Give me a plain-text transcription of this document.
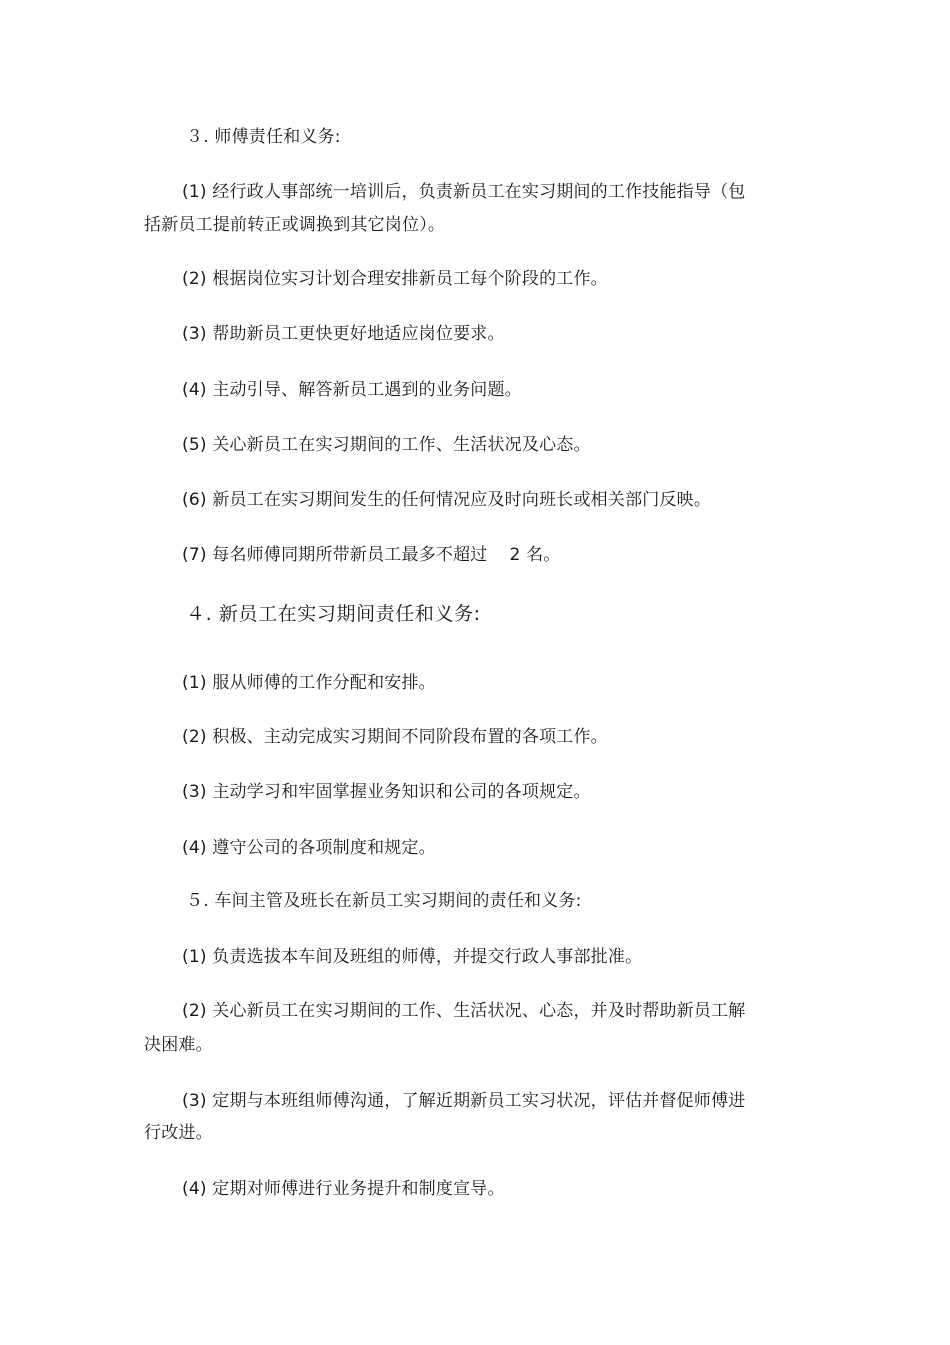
３. 师傅责任和义务:
(1) 经行政人事部统一培训后，负责新员工在实习期间的工作技能指导（包
括新员工提前转正或调换到其它岗位）。
(2) 根据岗位实习计划合理安排新员工每个阶段的工作。
(3) 帮助新员工更快更好地适应岗位要求。
(4) 主动引导、解答新员工遇到的业务问题。
(5) 关心新员工在实习期间的工作、生活状况及心态。
(6) 新员工在实习期间发生的任何情况应及时向班长或相关部门反映。
(7) 每名师傅同期所带新员工最多不超过 2 名。
４. 新员工在实习期间责任和义务:
(1) 服从师傅的工作分配和安排。
(2) 积极、主动完成实习期间不同阶段布置的各项工作。
(3) 主动学习和牢固掌握业务知识和公司的各项规定。
(4) 遵守公司的各项制度和规定。
５. 车间主管及班长在新员工实习期间的责任和义务:
(1) 负责选拔本车间及班组的师傅，并提交行政人事部批准。
(2) 关心新员工在实习期间的工作、生活状况、心态，并及时帮助新员工解
决困难。
(3) 定期与本班组师傅沟通，了解近期新员工实习状况，评估并督促师傅进
行改进。
(4) 定期对师傅进行业务提升和制度宣导。
